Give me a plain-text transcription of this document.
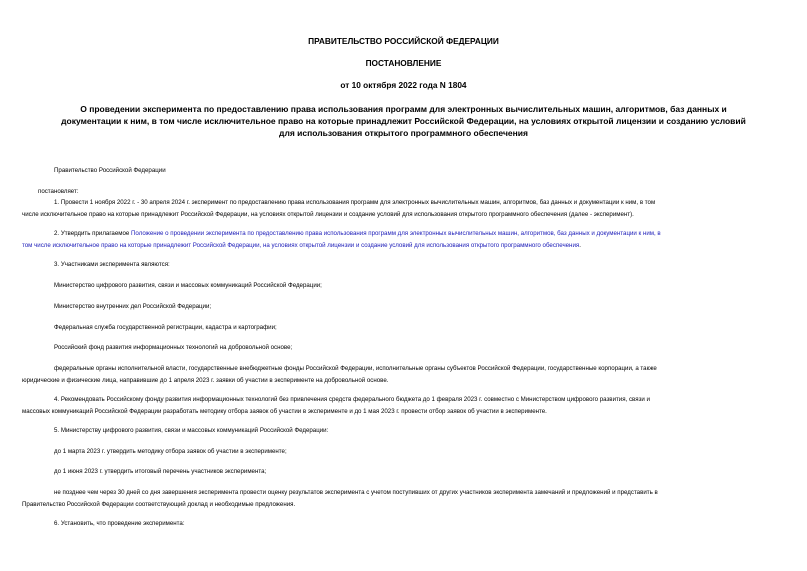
ПРАВИТЕЛЬСТВО РОССИЙСКОЙ ФЕДЕРАЦИИ
ПОСТАНОВЛЕНИЕ
от 10 октября 2022 года N 1804
О проведении эксперимента по предоставлению права использования программ для электронных вычислительных машин, алгоритмов, баз данных и
документации к ним, в том числе исключительное право на которые принадлежит Российской Федерации, на условиях открытой лицензии и созданию условий
для использования открытого программного обеспечения
Правительство Российской Федерации
постановляет:
1. Провести 1 ноября 2022 г. - 30 апреля 2024 г. эксперимент по предоставлению права использования программ для электронных вычислительных машин, алгоритмов, баз данных и документации к ним, в том
числе исключительное право на которые принадлежит Российской Федерации, на условиях открытой лицензии и создание условий для использования открытого программного обеспечения (далее - эксперимент).
2. Утвердить прилагаемое Положение о проведении эксперимента по предоставлению права использования программ для электронных вычислительных машин, алгоритмов, баз данных и документации к ним, в
том числе исключительное право на которые принадлежит Российской Федерации, на условиях открытой лицензии и создание условий для использования открытого программного обеспечения.
3. Участниками эксперимента являются:
Министерство цифрового развития, связи и массовых коммуникаций Российской Федерации;
Министерство внутренних дел Российской Федерации;
Федеральная служба государственной регистрации, кадастра и картографии;
Российский фонд развития информационных технологий на добровольной основе;
федеральные органы исполнительной власти, государственные внебюджетные фонды Российской Федерации, исполнительные органы субъектов Российской Федерации, государственные корпорации, а также
юридические и физические лица, направившие до 1 апреля 2023 г. заявки об участии в эксперименте на добровольной основе.
4. Рекомендовать Российскому фонду развития информационных технологий без привлечения средств федерального бюджета до 1 февраля 2023 г. совместно с Министерством цифрового развития, связи и
массовых коммуникаций Российской Федерации разработать методику отбора заявок об участии в эксперименте и до 1 мая 2023 г. провести отбор заявок об участии в эксперименте.
5. Министерству цифрового развития, связи и массовых коммуникаций Российской Федерации:
до 1 марта 2023 г. утвердить методику отбора заявок об участии в эксперименте;
до 1 июня 2023 г. утвердить итоговый перечень участников эксперимента;
не позднее чем через 30 дней со дня завершения эксперимента провести оценку результатов эксперимента с учетом поступивших от других участников эксперимента замечаний и предложений и представить в
Правительство Российской Федерации соответствующий доклад и необходимые предложения.
6. Установить, что проведение эксперимента:
